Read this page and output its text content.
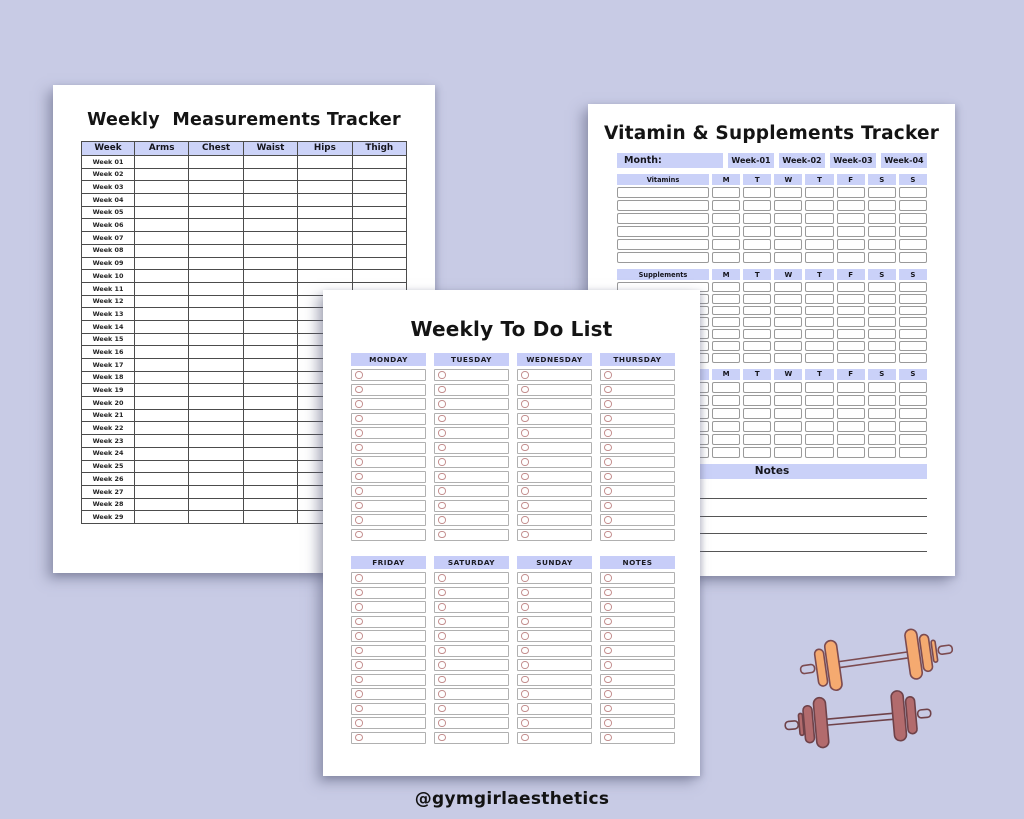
Weekly  Measurements Tracker
Week	Arms	Chest	Waist	Hips	Thigh
Week 01					
Week 02					
Week 03					
Week 04					
Week 05					
Week 06					
Week 07					
Week 08					
Week 09					
Week 10					
Week 11					
Week 12					
Week 13					
Week 14					
Week 15					
Week 16					
Week 17					
Week 18					
Week 19					
Week 20					
Week 21					
Week 22					
Week 23					
Week 24					
Week 25					
Week 26					
Week 27					
Week 28					
Week 29					
Vitamin & Supplements Tracker
Month:	Week-01	Week-02	Week-03	Week-04
Vitamins	M	T	W	T	F	S	S
Supplements	M	T	W	T	F	S	S
M	T	W	T	F	S	S
Notes
Weekly To Do List
MONDAY	TUESDAY	WEDNESDAY	THURSDAY
FRIDAY	SATURDAY	SUNDAY	NOTES
@gymgirlaesthetics
